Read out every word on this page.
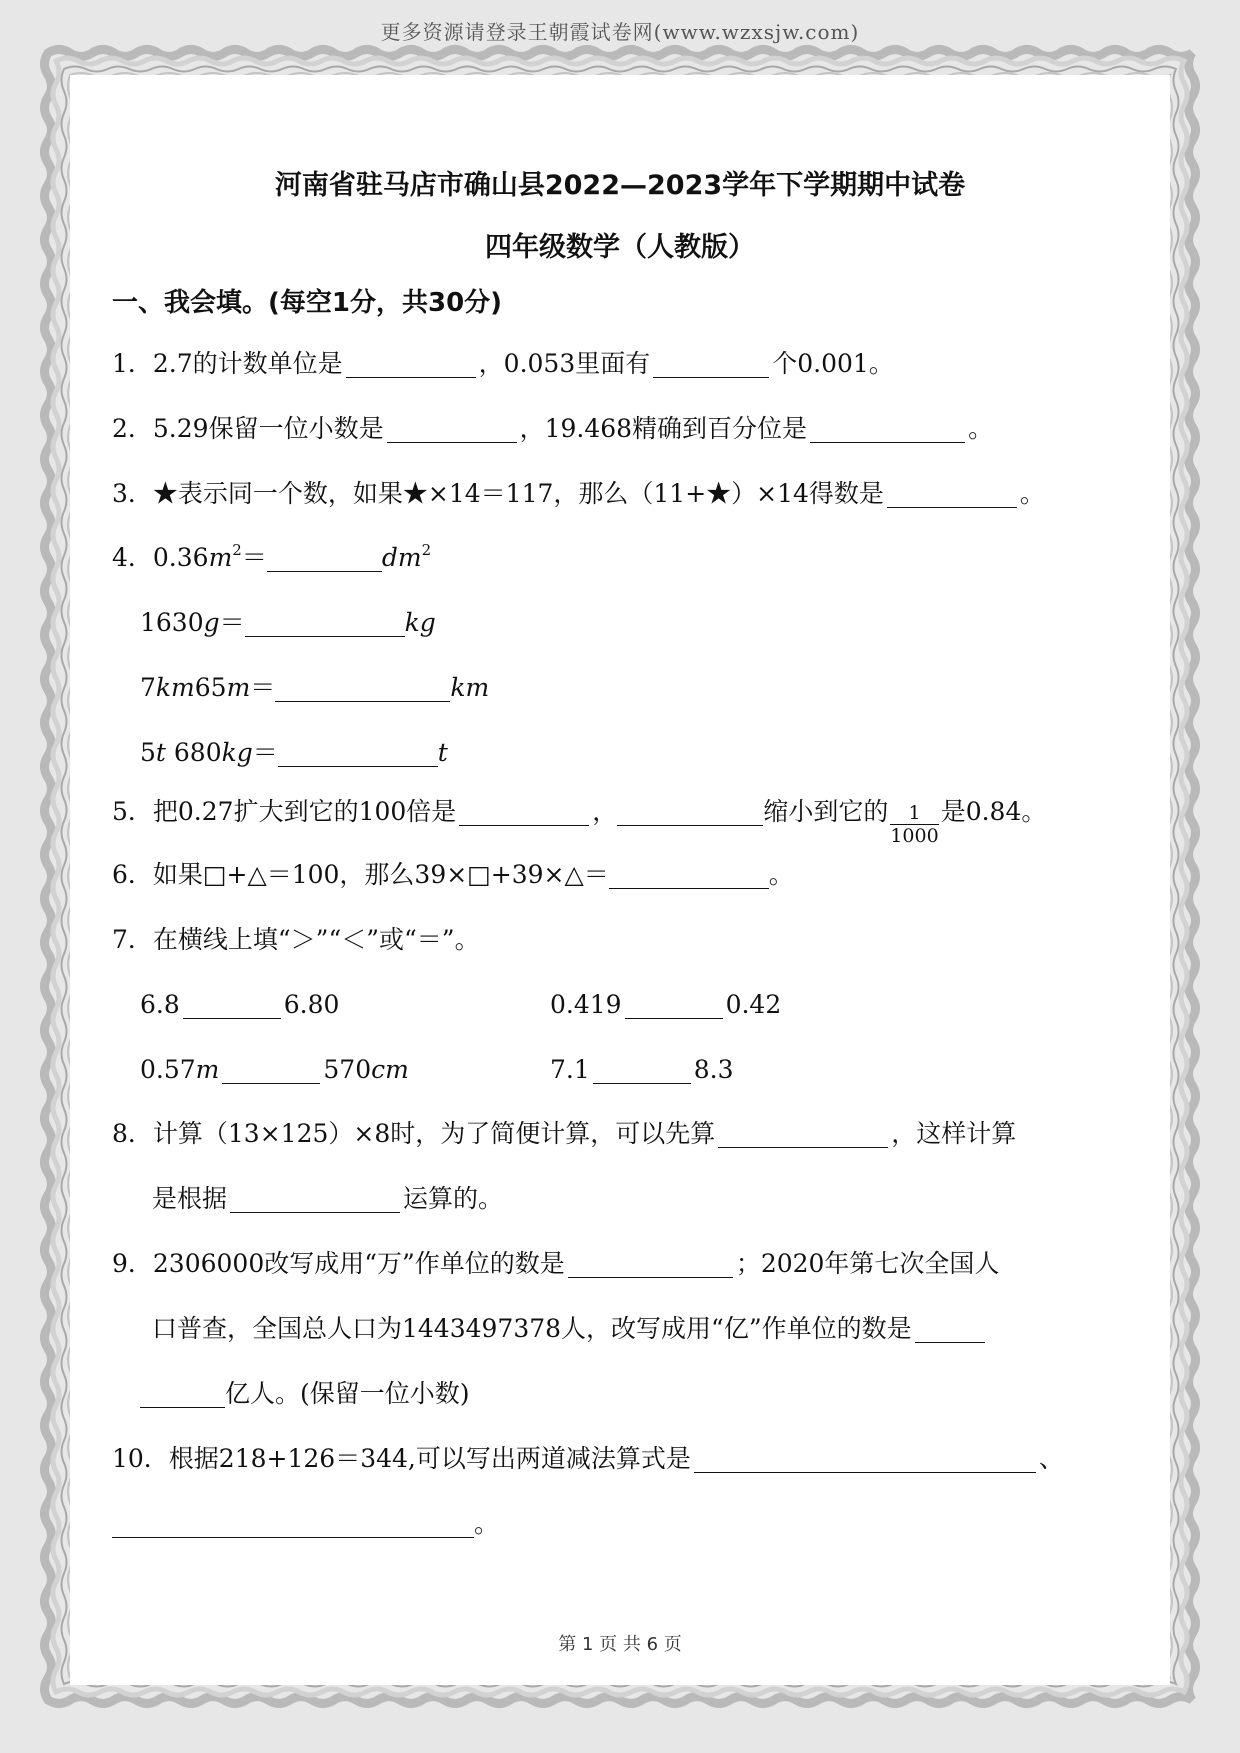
更多资源请登录王朝霞试卷网(www.wzxsjw.com)
河南省驻马店市确山县2022—2023学年下学期期中试卷
四年级数学（人教版）
一、我会填。(每空1分，共30分)
1．2.7的计数单位是	，0.053里面有	个0.001。
2．5.29保留一位小数是	，19.468精确到百分位是	。
3．★表示同一个数，如果★×14＝117，那么（11+★）×14得数是	。
4．$0.36m^2=$	$dm^2$
1630g＝	kg
7km65m＝	km
5t 680kg＝	t
5．把0.27扩大到它的100倍是	，	缩小到它的 $\frac{1}{1000}$ 是0.84。
6．如果□+△＝100，那么39×□+39×△＝	。
7．在横线上填“＞”“＜”或“＝”。
6.8	6.80	0.419	0.42
0.57m	570cm	7.1	8.3
8．计算（13×125）×8时，为了简便计算，可以先算	，这样计算
是根据	运算的。
9．2306000改写成用“万”作单位的数是	；2020年第七次全国人
口普查，全国总人口为1443497378人，改写成用“亿”作单位的数是
亿人。(保留一位小数)
10．根据218+126＝344,可以写出两道减法算式是	、
。
第 1 页 共 6 页
